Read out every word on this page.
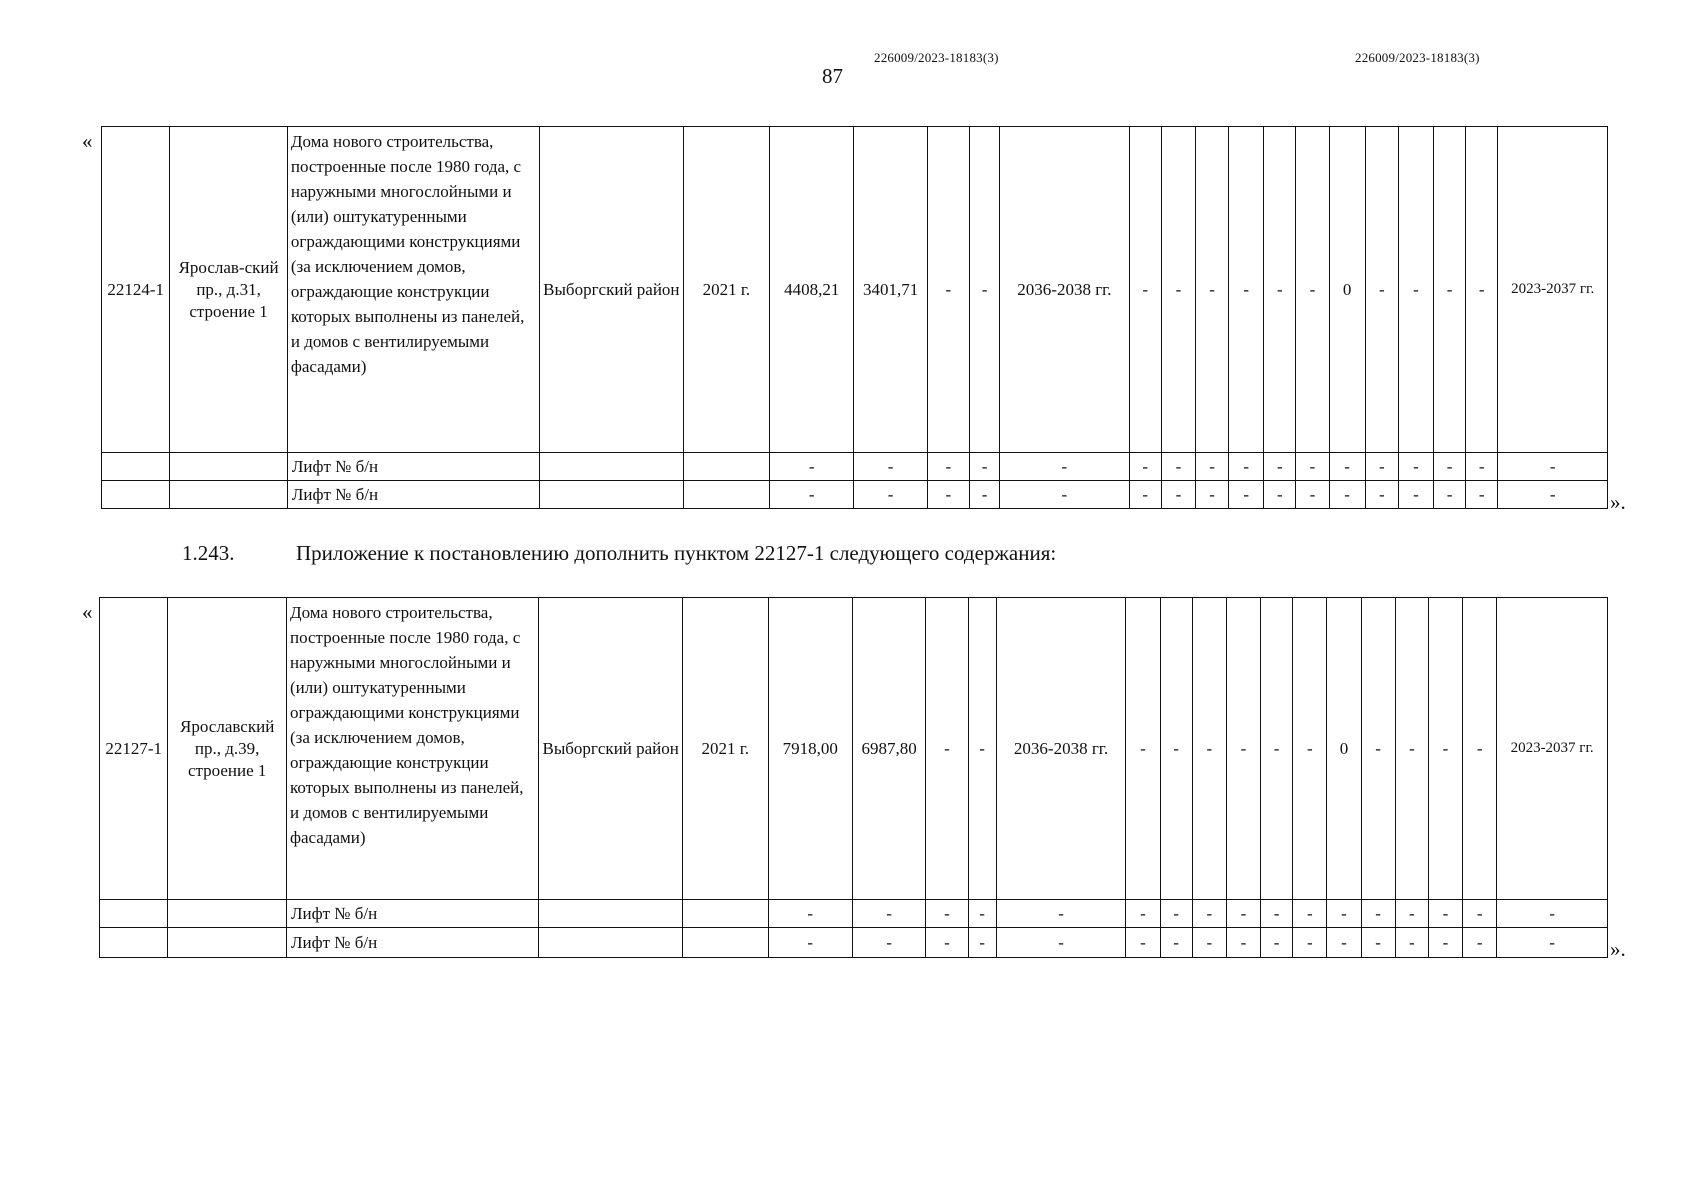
226009/2023-18183(3)	226009/2023-18183(3)
87
«
22124-1	Ярослав-ский пр., д.31, строение 1	Дома нового строительства, построенные после 1980 года, с наружными многослойными и (или) оштукатуренными ограждающими конструкциями (за исключением домов, ограждающие конструкции которых выполнены из панелей, и домов с вентилируемыми фасадами)	Выборгский район	2021 г.	4408,21	3401,71	-	-	2036-2038 гг.	-	-	-	-	-	-	0	-	-	-	-	2023-2037 гг.
		Лифт № б/н			-	-	-	-	-	-	-	-	-	-	-	-	-	-	-	-	-
		Лифт № б/н			-	-	-	-	-	-	-	-	-	-	-	-	-	-	-	-	-	».
1.243.	Приложение к постановлению дополнить пунктом 22127-1 следующего содержания:
«
22127-1	Ярославский пр., д.39, строение 1	Дома нового строительства, построенные после 1980 года, с наружными многослойными и (или) оштукатуренными ограждающими конструкциями (за исключением домов, ограждающие конструкции которых выполнены из панелей, и домов с вентилируемыми фасадами)	Выборгский район	2021 г.	7918,00	6987,80	-	-	2036-2038 гг.	-	-	-	-	-	-	0	-	-	-	-	2023-2037 гг.
		Лифт № б/н			-	-	-	-	-	-	-	-	-	-	-	-	-	-	-	-	-
		Лифт № б/н			-	-	-	-	-	-	-	-	-	-	-	-	-	-	-	-	-	».
